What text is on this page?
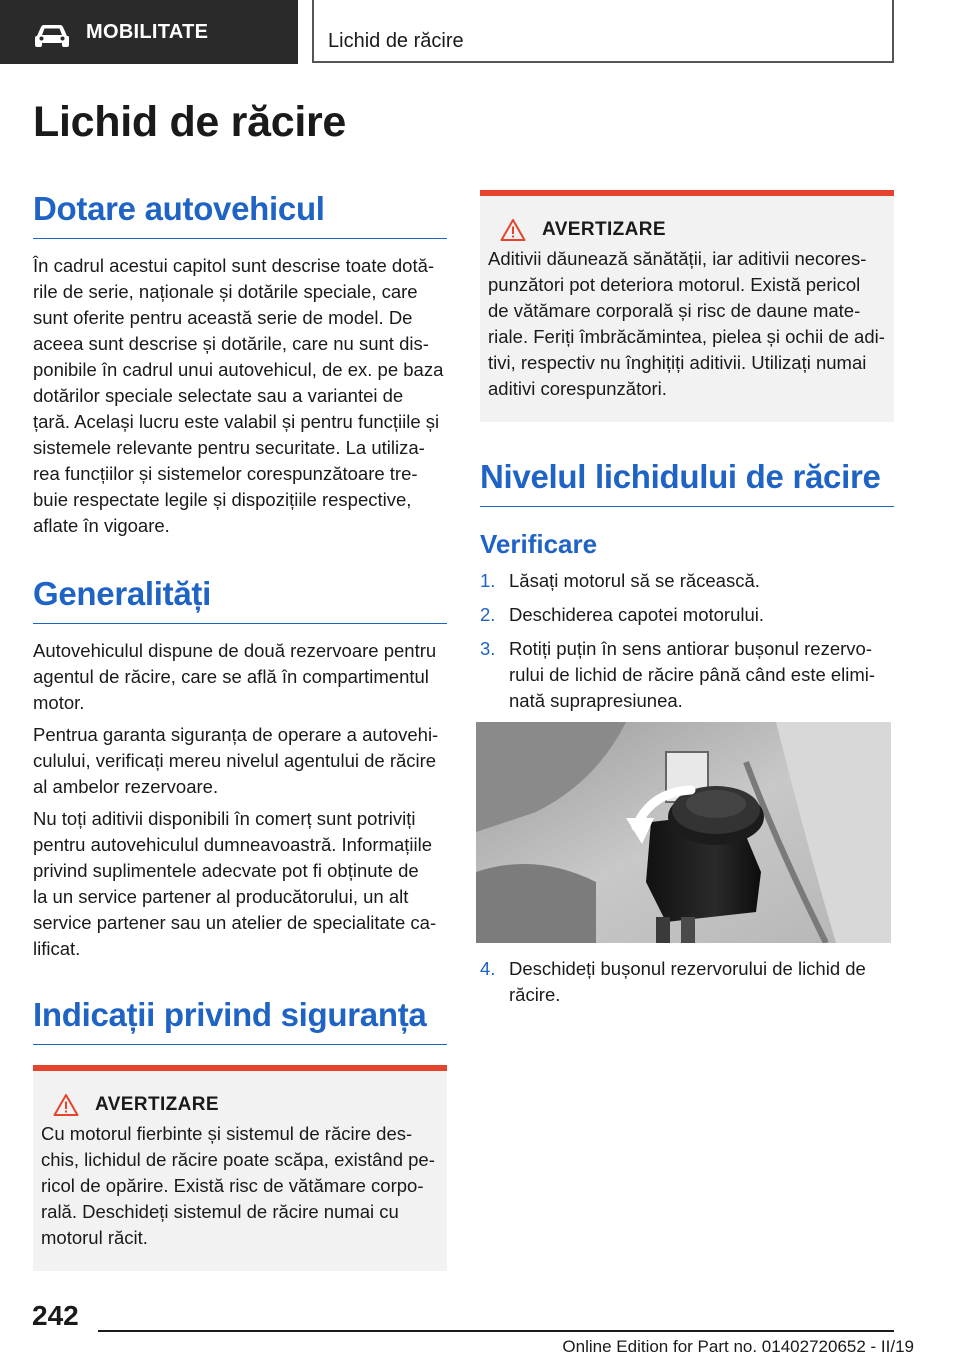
MOBILITATE	Lichid de răcire
Lichid de răcire
Dotare autovehicul

În cadrul acestui capitol sunt descrise toate dotă-
rile de serie, naționale și dotările speciale, care
sunt oferite pentru această serie de model. De
aceea sunt descrise și dotările, care nu sunt dis-
ponibile în cadrul unui autovehicul, de ex. pe baza
dotărilor speciale selectate sau a variantei de
țară. Același lucru este valabil și pentru funcțiile și
sistemele relevante pentru securitate. La utiliza-
rea funcțiilor și sistemelor corespunzătoare tre-
buie respectate legile și dispozițiile respective,
aflate în vigoare.

Generalități

Autovehiculul dispune de două rezervoare pentru
agentul de răcire, care se află în compartimentul
motor.

Pentrua garanta siguranța de operare a autovehi-
culului, verificați mereu nivelul agentului de răcire
al ambelor rezervoare.

Nu toți aditivii disponibili în comerț sunt potriviți
pentru autovehiculul dumneavoastră. Informațiile
privind suplimentele adecvate pot fi obținute de
la un service partener al producătorului, un alt
service partener sau un atelier de specialitate ca-
lificat.

Indicații privind siguranța
AVERTIZARE

Cu motorul fierbinte și sistemul de răcire des-
chis, lichidul de răcire poate scăpa, existând pe-
ricol de opărire. Există risc de vătămare corpo-
rală. Deschideți sistemul de răcire numai cu
motorul răcit.

AVERTIZARE

Aditivii dăunează sănătății, iar aditivii necores-
punzători pot deteriora motorul. Există pericol
de vătămare corporală și risc de daune mate-
riale. Feriți îmbrăcămintea, pielea și ochii de adi-
tivi, respectiv nu înghițiți aditivii. Utilizați numai
aditivi corespunzători.

Nivelul lichidului de răcire
Verificare
1. Lăsați motorul să se răcească.
2. Deschiderea capotei motorului.
3. Rotiți puțin în sens antiorar bușonul rezervo-
rului de lichid de răcire până când este elimi-
nată suprapresiunea.
4. Deschideți bușonul rezervorului de lichid de
răcire.
242
Online Edition for Part no. 01402720652 - II/19
